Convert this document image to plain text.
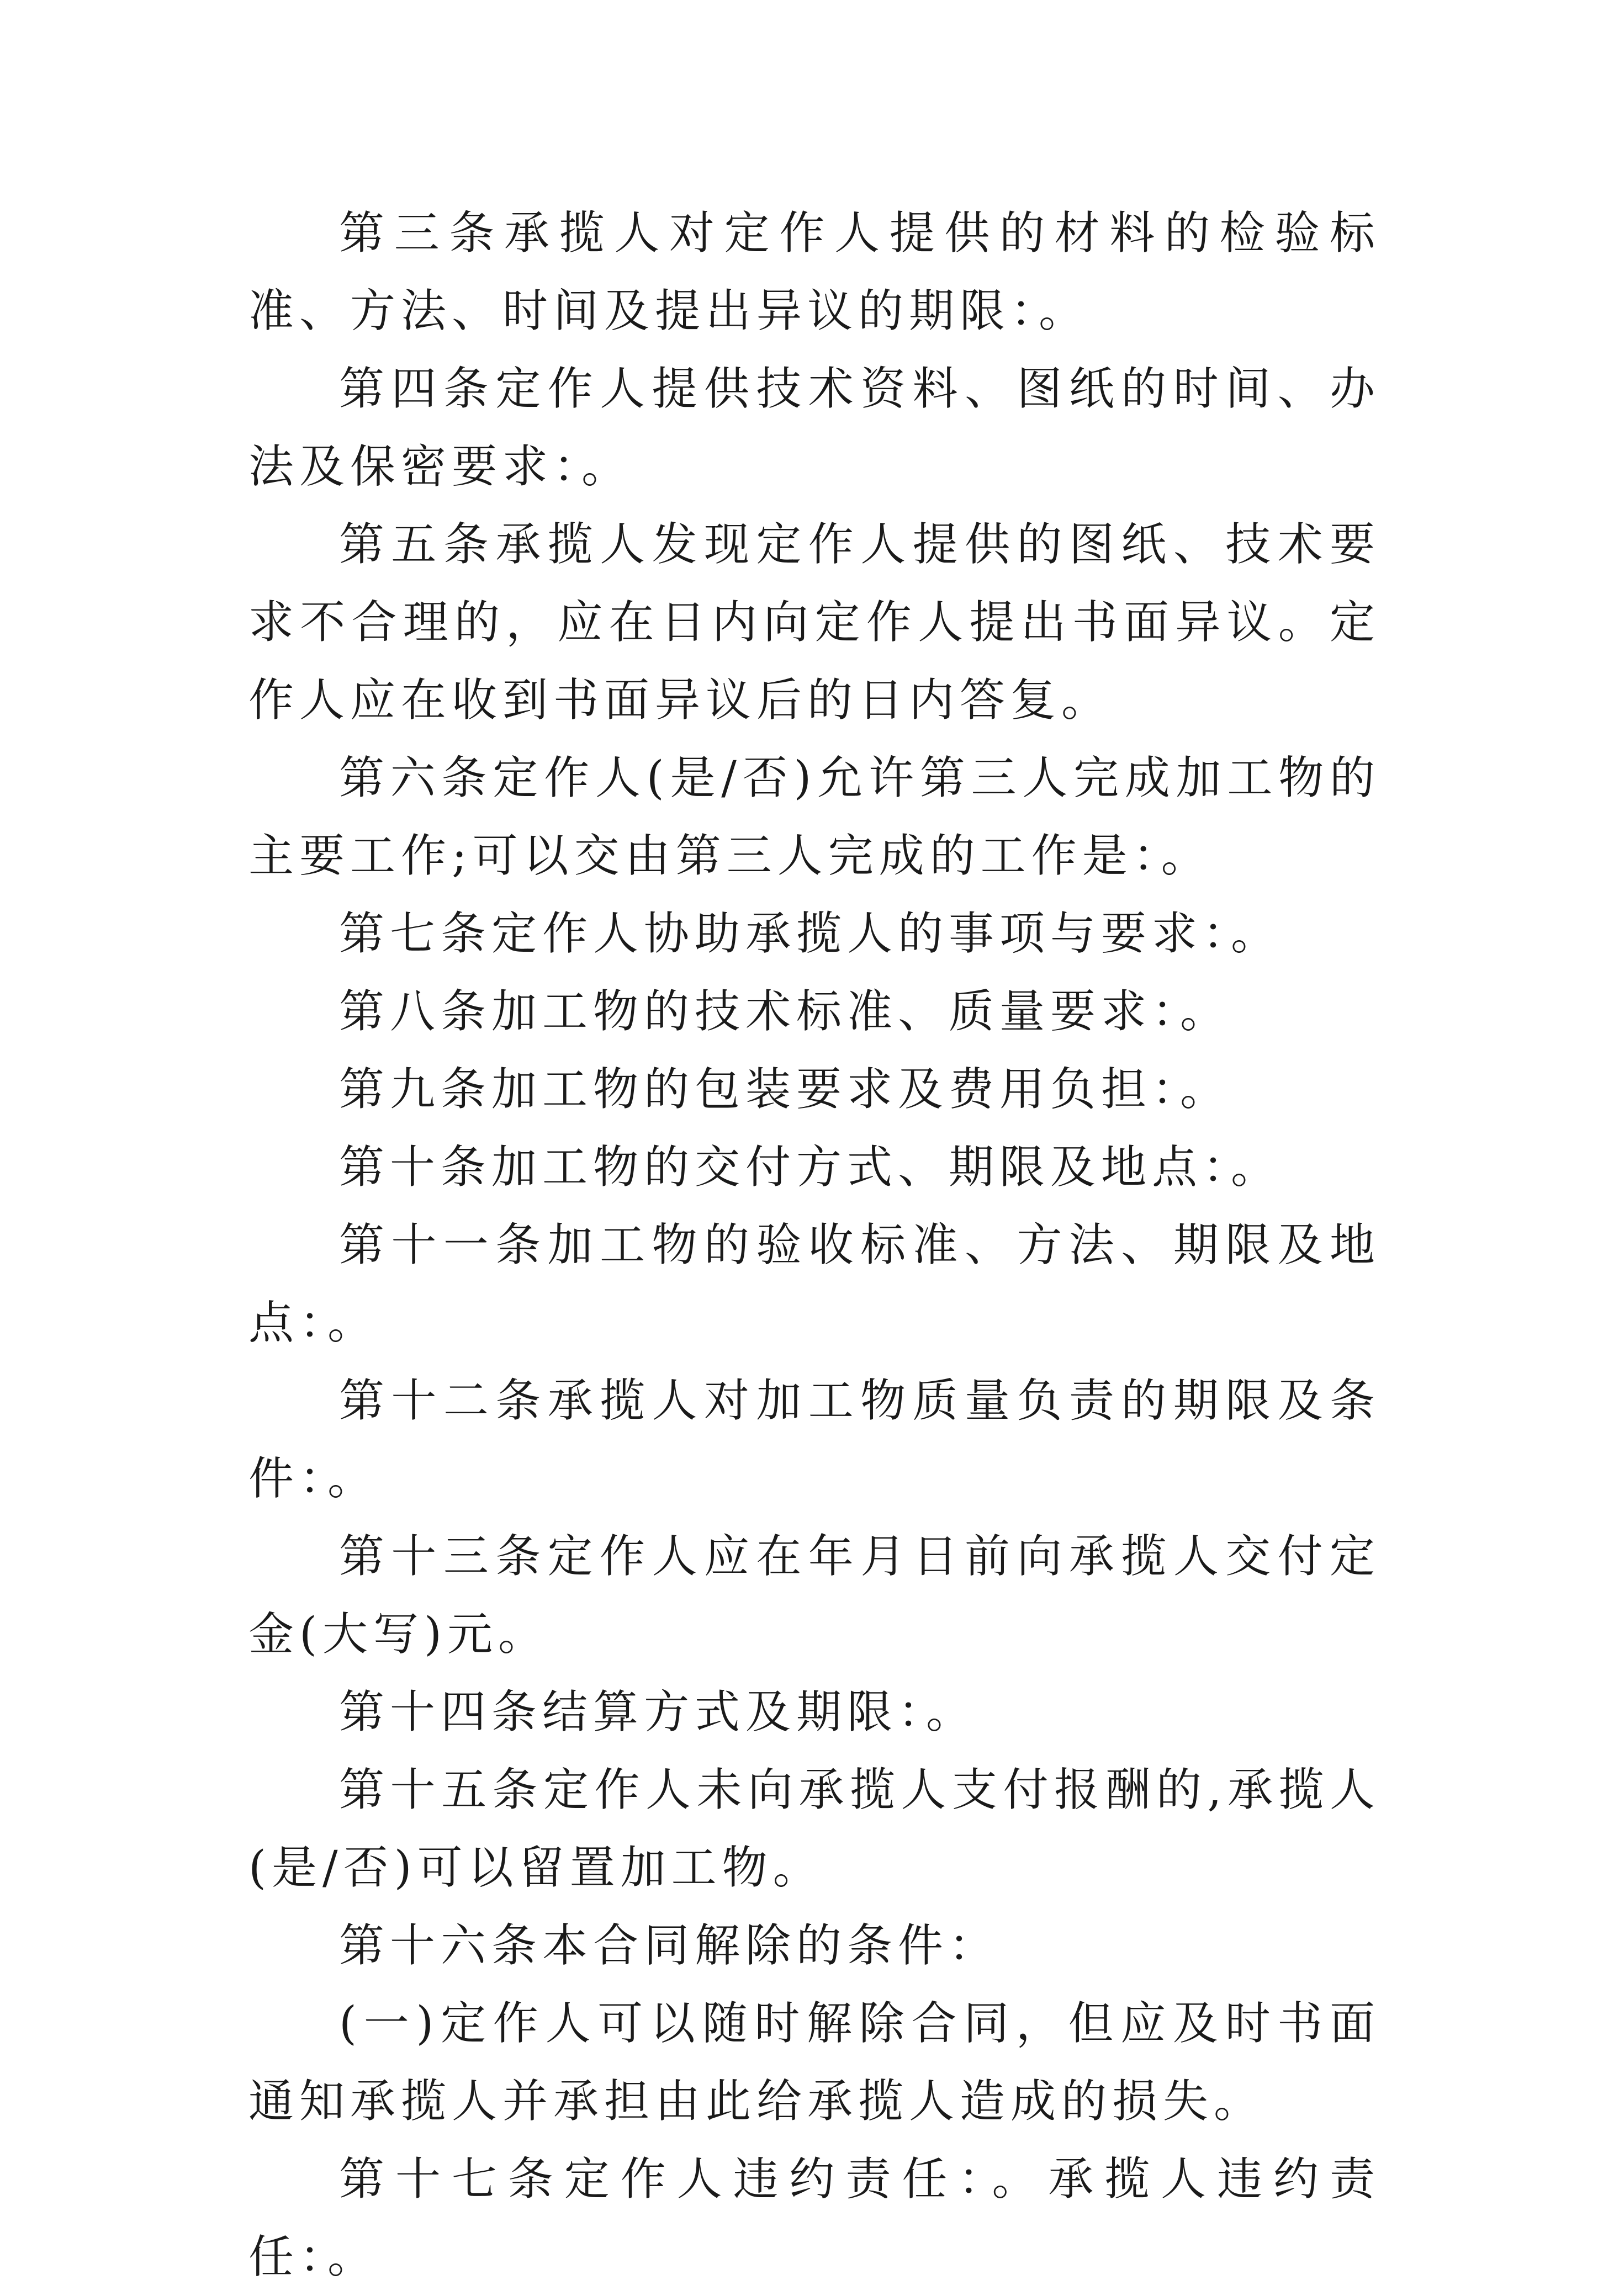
第三条承揽人对定作人提供的材料的检验标准、方法、时间及提出异议的期限：。

第四条定作人提供技术资料、图纸的时间、办法及保密要求：。

第五条承揽人发现定作人提供的图纸、技术要求不合理的，应在日内向定作人提出书面异议。定作人应在收到书面异议后的日内答复。

第六条定作人(是/否)允许第三人完成加工物的主要工作;可以交由第三人完成的工作是：。

第七条定作人协助承揽人的事项与要求：。

第八条加工物的技术标准、质量要求：。

第九条加工物的包装要求及费用负担：。

第十条加工物的交付方式、期限及地点：。

第十一条加工物的验收标准、方法、期限及地点：。

第十二条承揽人对加工物质量负责的期限及条件：。

第十三条定作人应在年月日前向承揽人交付定金(大写)元。

第十四条结算方式及期限：。

第十五条定作人未向承揽人支付报酬的,承揽人(是/否)可以留置加工物。

第十六条本合同解除的条件：

(一)定作人可以随时解除合同，但应及时书面通知承揽人并承担由此给承揽人造成的损失。

第十七条定作人违约责任：。承揽人违约责任：。
